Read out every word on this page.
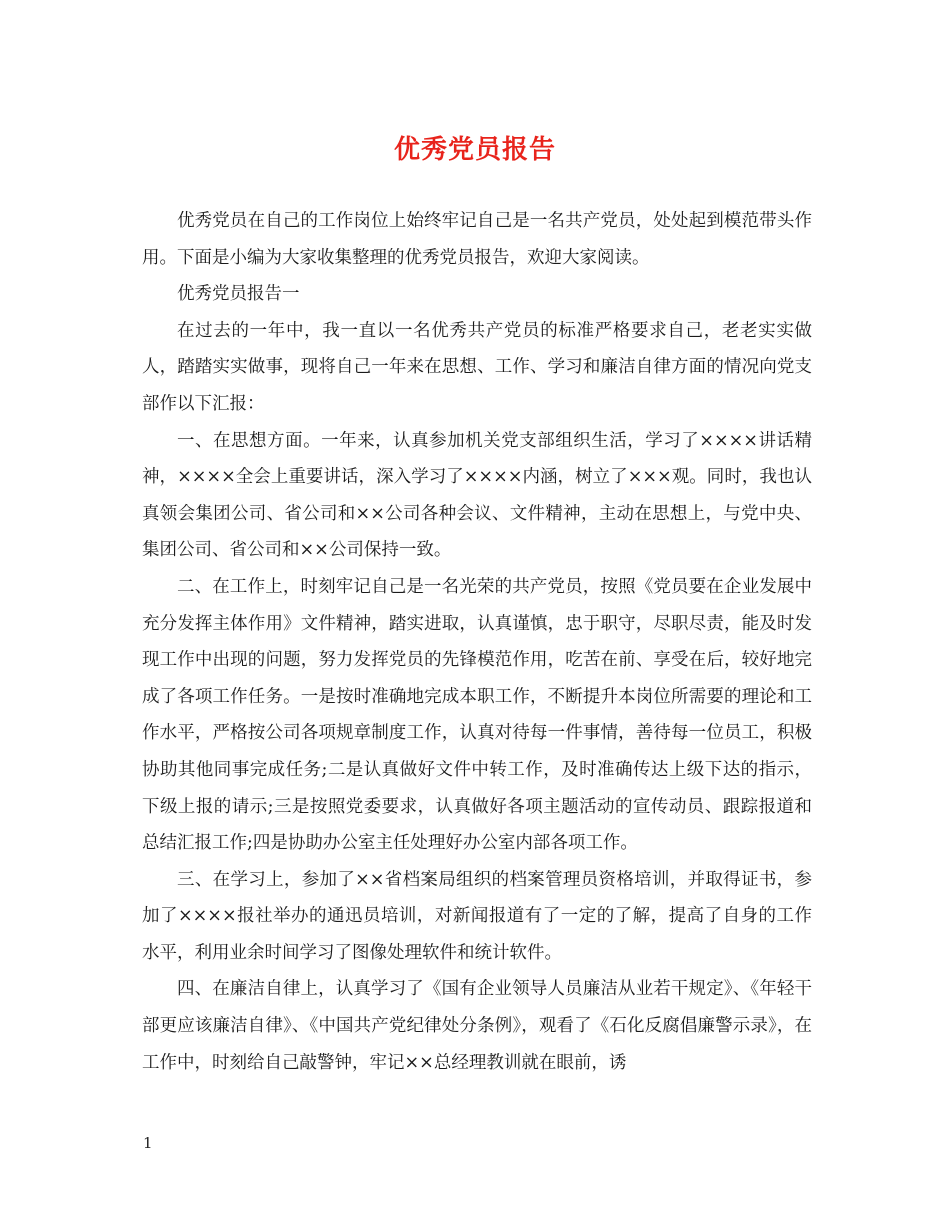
优秀党员报告

优秀党员在自己的工作岗位上始终牢记自己是一名共产党员，处处起到模范带头作用。下面是小编为大家收集整理的优秀党员报告，欢迎大家阅读。

优秀党员报告一

在过去的一年中，我一直以一名优秀共产党员的标准严格要求自己，老老实实做人，踏踏实实做事，现将自己一年来在思想、工作、学习和廉洁自律方面的情况向党支部作以下汇报：

一、在思想方面。一年来，认真参加机关党支部组织生活，学习了××××讲话精神，××××全会上重要讲话，深入学习了××××内涵，树立了×××观。同时，我也认真领会集团公司、省公司和××公司各种会议、文件精神，主动在思想上，与党中央、集团公司、省公司和××公司保持一致。

二、在工作上，时刻牢记自己是一名光荣的共产党员，按照《党员要在企业发展中充分发挥主体作用》文件精神，踏实进取，认真谨慎，忠于职守，尽职尽责，能及时发现工作中出现的问题，努力发挥党员的先锋模范作用，吃苦在前、享受在后，较好地完成了各项工作任务。一是按时准确地完成本职工作，不断提升本岗位所需要的理论和工作水平，严格按公司各项规章制度工作，认真对待每一件事情，善待每一位员工，积极协助其他同事完成任务;二是认真做好文件中转工作，及时准确传达上级下达的指示，下级上报的请示;三是按照党委要求，认真做好各项主题活动的宣传动员、跟踪报道和总结汇报工作;四是协助办公室主任处理好办公室内部各项工作。

三、在学习上，参加了××省档案局组织的档案管理员资格培训，并取得证书，参加了××××报社举办的通迅员培训，对新闻报道有了一定的了解，提高了自身的工作水平，利用业余时间学习了图像处理软件和统计软件。

四、在廉洁自律上，认真学习了《国有企业领导人员廉洁从业若干规定》、《年轻干部更应该廉洁自律》、《中国共产党纪律处分条例》，观看了《石化反腐倡廉警示录》，在工作中，时刻给自己敲警钟，牢记××总经理教训就在眼前，诱

1
